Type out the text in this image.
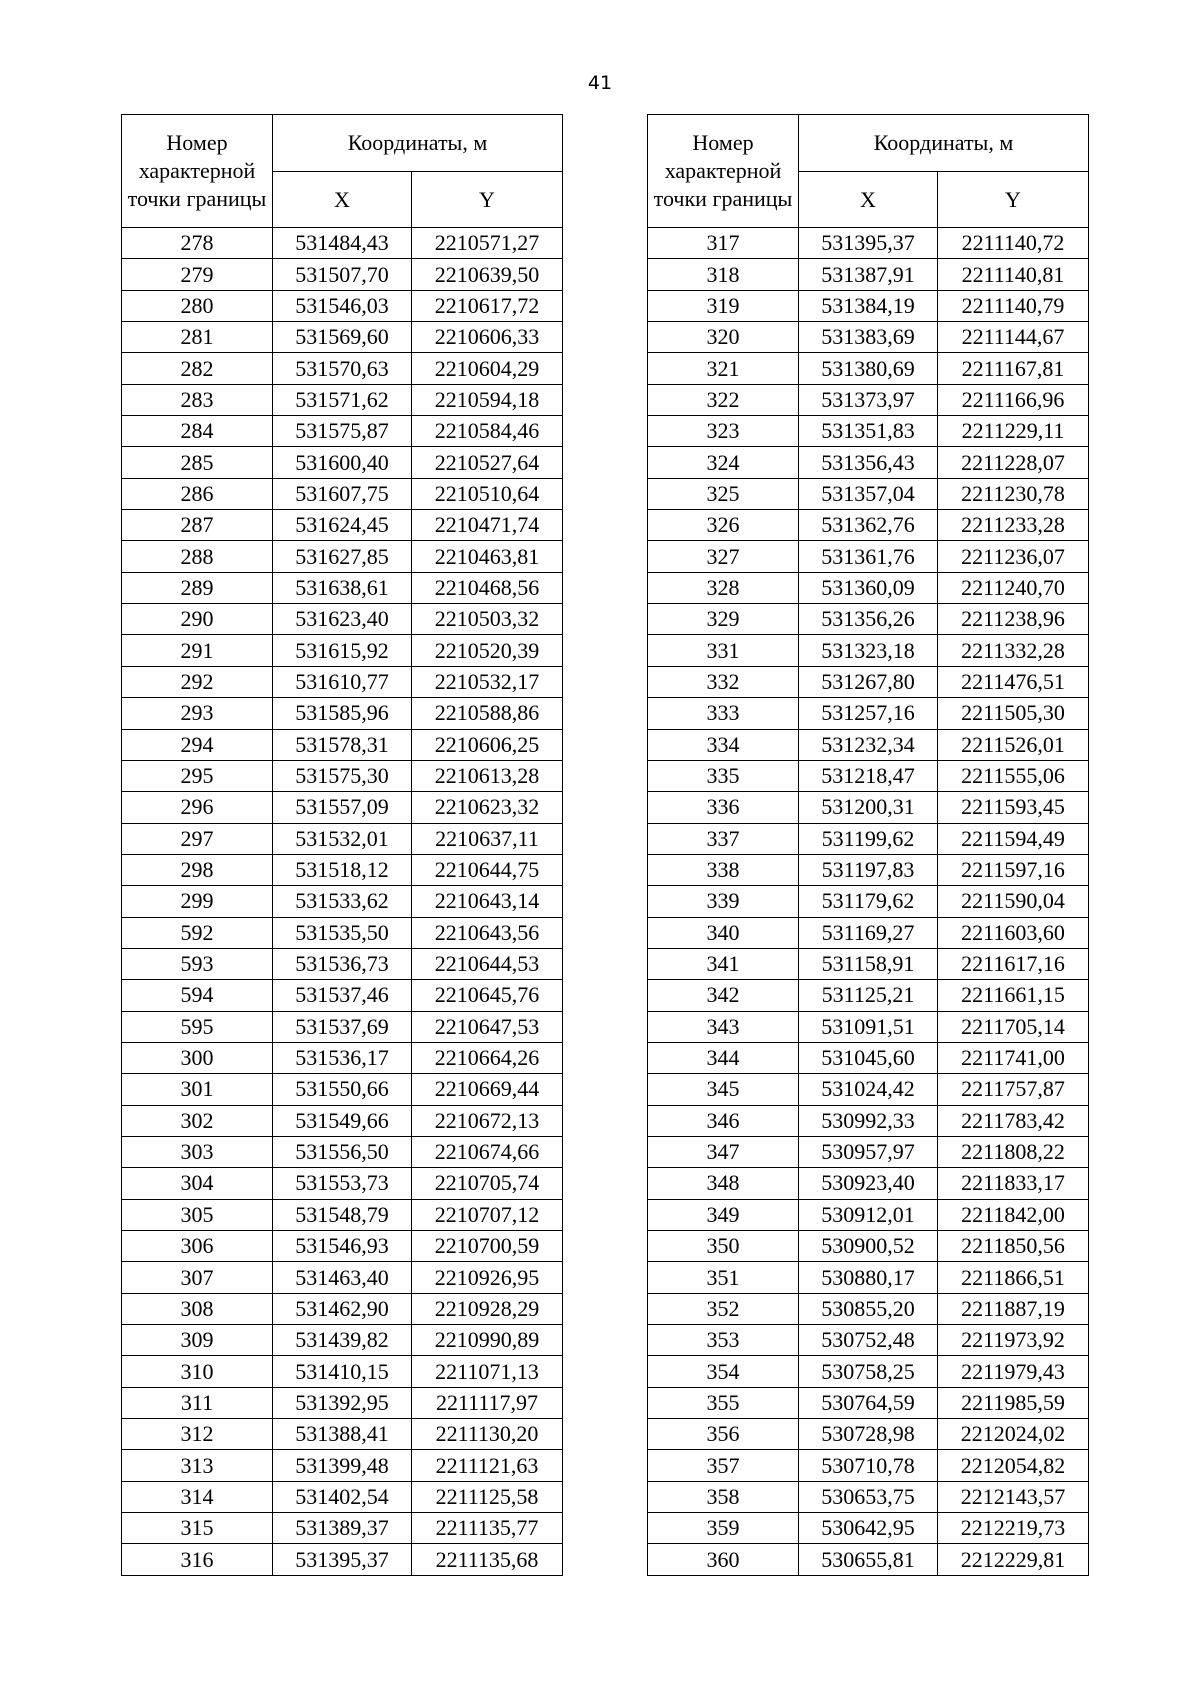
41
Номер характерной точки границы	Координаты, м	
	X	Y
278	531484,43	2210571,27
279	531507,70	2210639,50
280	531546,03	2210617,72
281	531569,60	2210606,33
282	531570,63	2210604,29
283	531571,62	2210594,18
284	531575,87	2210584,46
285	531600,40	2210527,64
286	531607,75	2210510,64
287	531624,45	2210471,74
288	531627,85	2210463,81
289	531638,61	2210468,56
290	531623,40	2210503,32
291	531615,92	2210520,39
292	531610,77	2210532,17
293	531585,96	2210588,86
294	531578,31	2210606,25
295	531575,30	2210613,28
296	531557,09	2210623,32
297	531532,01	2210637,11
298	531518,12	2210644,75
299	531533,62	2210643,14
592	531535,50	2210643,56
593	531536,73	2210644,53
594	531537,46	2210645,76
595	531537,69	2210647,53
300	531536,17	2210664,26
301	531550,66	2210669,44
302	531549,66	2210672,13
303	531556,50	2210674,66
304	531553,73	2210705,74
305	531548,79	2210707,12
306	531546,93	2210700,59
307	531463,40	2210926,95
308	531462,90	2210928,29
309	531439,82	2210990,89
310	531410,15	2211071,13
311	531392,95	2211117,97
312	531388,41	2211130,20
313	531399,48	2211121,63
314	531402,54	2211125,58
315	531389,37	2211135,77
316	531395,37	2211135,68
Номер характерной точки границы	Координаты, м	
	X	Y
317	531395,37	2211140,72
318	531387,91	2211140,81
319	531384,19	2211140,79
320	531383,69	2211144,67
321	531380,69	2211167,81
322	531373,97	2211166,96
323	531351,83	2211229,11
324	531356,43	2211228,07
325	531357,04	2211230,78
326	531362,76	2211233,28
327	531361,76	2211236,07
328	531360,09	2211240,70
329	531356,26	2211238,96
331	531323,18	2211332,28
332	531267,80	2211476,51
333	531257,16	2211505,30
334	531232,34	2211526,01
335	531218,47	2211555,06
336	531200,31	2211593,45
337	531199,62	2211594,49
338	531197,83	2211597,16
339	531179,62	2211590,04
340	531169,27	2211603,60
341	531158,91	2211617,16
342	531125,21	2211661,15
343	531091,51	2211705,14
344	531045,60	2211741,00
345	531024,42	2211757,87
346	530992,33	2211783,42
347	530957,97	2211808,22
348	530923,40	2211833,17
349	530912,01	2211842,00
350	530900,52	2211850,56
351	530880,17	2211866,51
352	530855,20	2211887,19
353	530752,48	2211973,92
354	530758,25	2211979,43
355	530764,59	2211985,59
356	530728,98	2212024,02
357	530710,78	2212054,82
358	530653,75	2212143,57
359	530642,95	2212219,73
360	530655,81	2212229,81
